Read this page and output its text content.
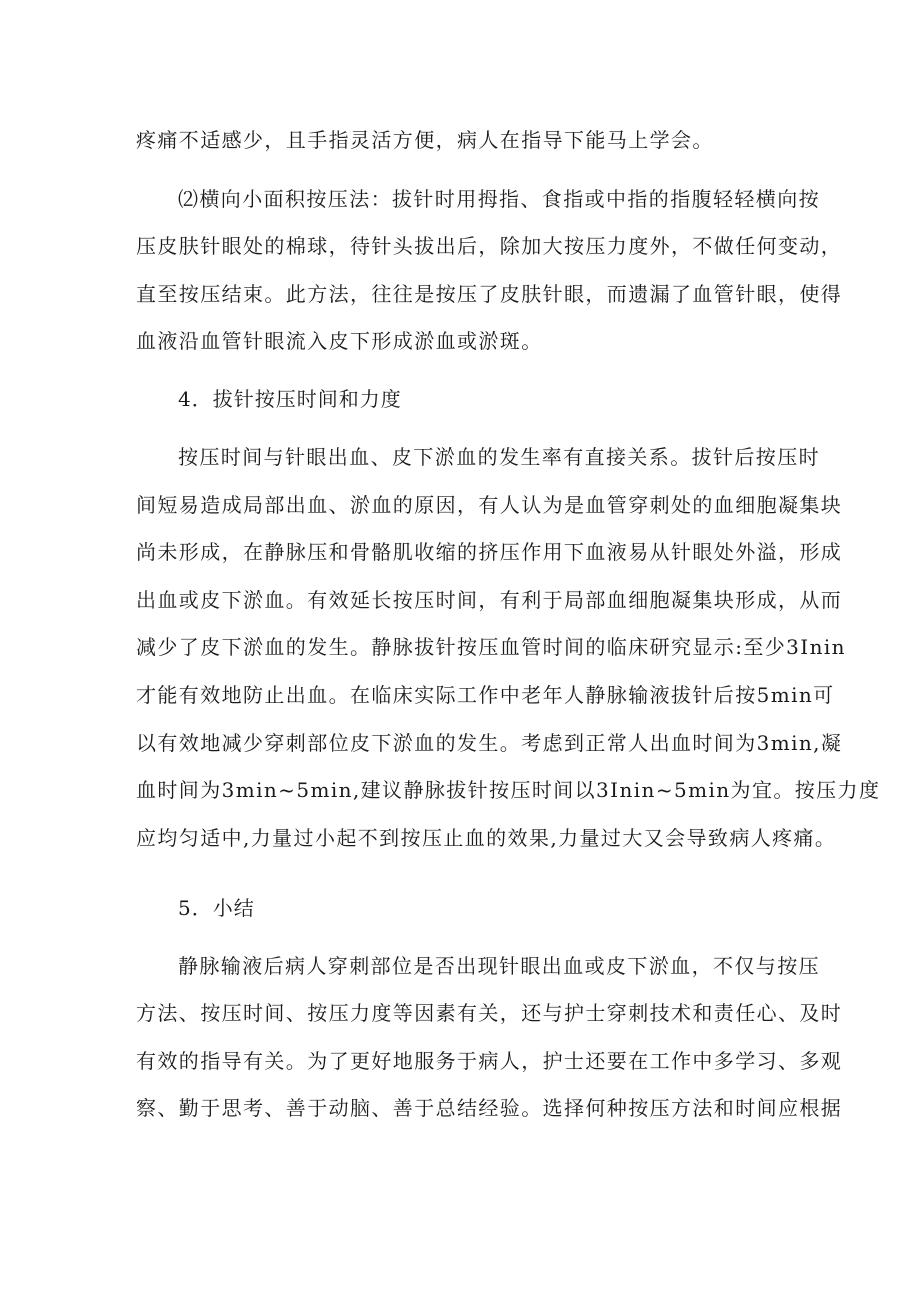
疼痛不适感少，且手指灵活方便，病人在指导下能马上学会。
⑵横向小面积按压法：拔针时用拇指、食指或中指的指腹轻轻横向按
压皮肤针眼处的棉球，待针头拔出后，除加大按压力度外，不做任何变动，
直至按压结束。此方法，往往是按压了皮肤针眼，而遗漏了血管针眼，使得
血液沿血管针眼流入皮下形成淤血或淤斑。
4．拔针按压时间和力度
按压时间与针眼出血、皮下淤血的发生率有直接关系。拔针后按压时
间短易造成局部出血、淤血的原因，有人认为是血管穿刺处的血细胞凝集块
尚未形成，在静脉压和骨骼肌收缩的挤压作用下血液易从针眼处外溢，形成
出血或皮下淤血。有效延长按压时间，有利于局部血细胞凝集块形成，从而
减少了皮下淤血的发生。静脉拔针按压血管时间的临床研究显示:至少3Inin
才能有效地防止出血。在临床实际工作中老年人静脉输液拔针后按5min可
以有效地减少穿刺部位皮下淤血的发生。考虑到正常人出血时间为3min,凝
血时间为3min~5min,建议静脉拔针按压时间以3Inin~5min为宜。按压力度
应均匀适中,力量过小起不到按压止血的效果,力量过大又会导致病人疼痛。
5．小结
静脉输液后病人穿刺部位是否出现针眼出血或皮下淤血，不仅与按压
方法、按压时间、按压力度等因素有关，还与护士穿刺技术和责任心、及时
有效的指导有关。为了更好地服务于病人，护士还要在工作中多学习、多观
察、勤于思考、善于动脑、善于总结经验。选择何种按压方法和时间应根据
